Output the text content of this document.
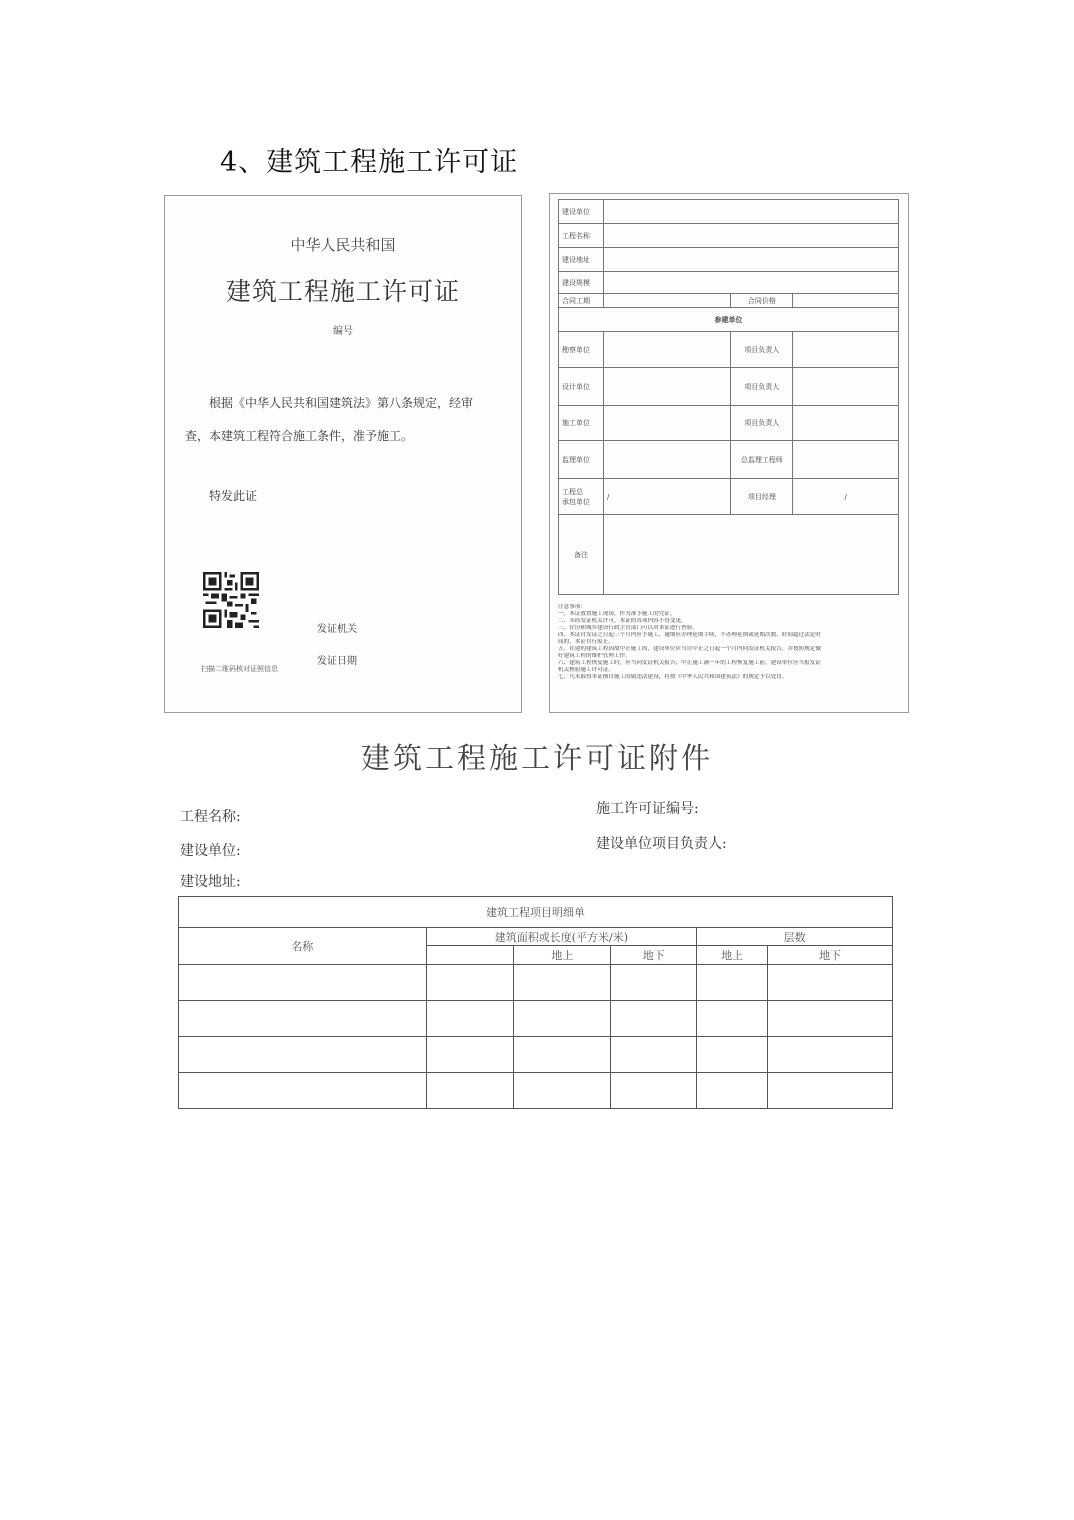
4、建筑工程施工许可证
中华人民共和国
建筑工程施工许可证
编号
根据《中华人民共和国建筑法》第八条规定，经审
查，本建筑工程符合施工条件，准予施工。
特发此证
扫描二维码核对证照信息
发证机关
发证日期
建设单位			
工程名称			
建设地址			
建设规模			
合同工期		合同价格	
参建单位			
勘察单位		项目负责人	
设计单位		项目负责人	
施工单位		项目负责人	
监理单位		总监理工程师	

工程总
承包单位	/	项目经理	/
备注			
注意事项:
一、本证放置施工现场，作为准予施工的凭证。
二、未经发证机关许可，本证的各项内容不得变更。
三、住房和城乡建设行政主管部门可以对本证进行查验。
四、本证自发证之日起三个月内应予施工，逾期应办理延期手续，不办理延期或延期次数、时间超过法定时
间的，本证自行废止。
五、在建的建筑工程因故中止施工的，建设单位应当自中止之日起一个月内向发证机关报告，并按照规定做
好建筑工程的维护管理工作。
六、建筑工程恢复施工时，应当向发证机关报告；中止施工满一年的工程恢复施工前，建设单位应当报发证
机关核验施工许可证。
七、凡未取得本证擅自施工的属违法建设，将按《中华人民共和国建筑法》的规定予以处罚。
建筑工程施工许可证附件
工程名称:	施工许可证编号:
建设单位:	建设单位项目负责人:
建设地址:
建筑工程项目明细单					
名称	建筑面积或长度(平方米/米)			层数	
		地上	地下	地上	地下
